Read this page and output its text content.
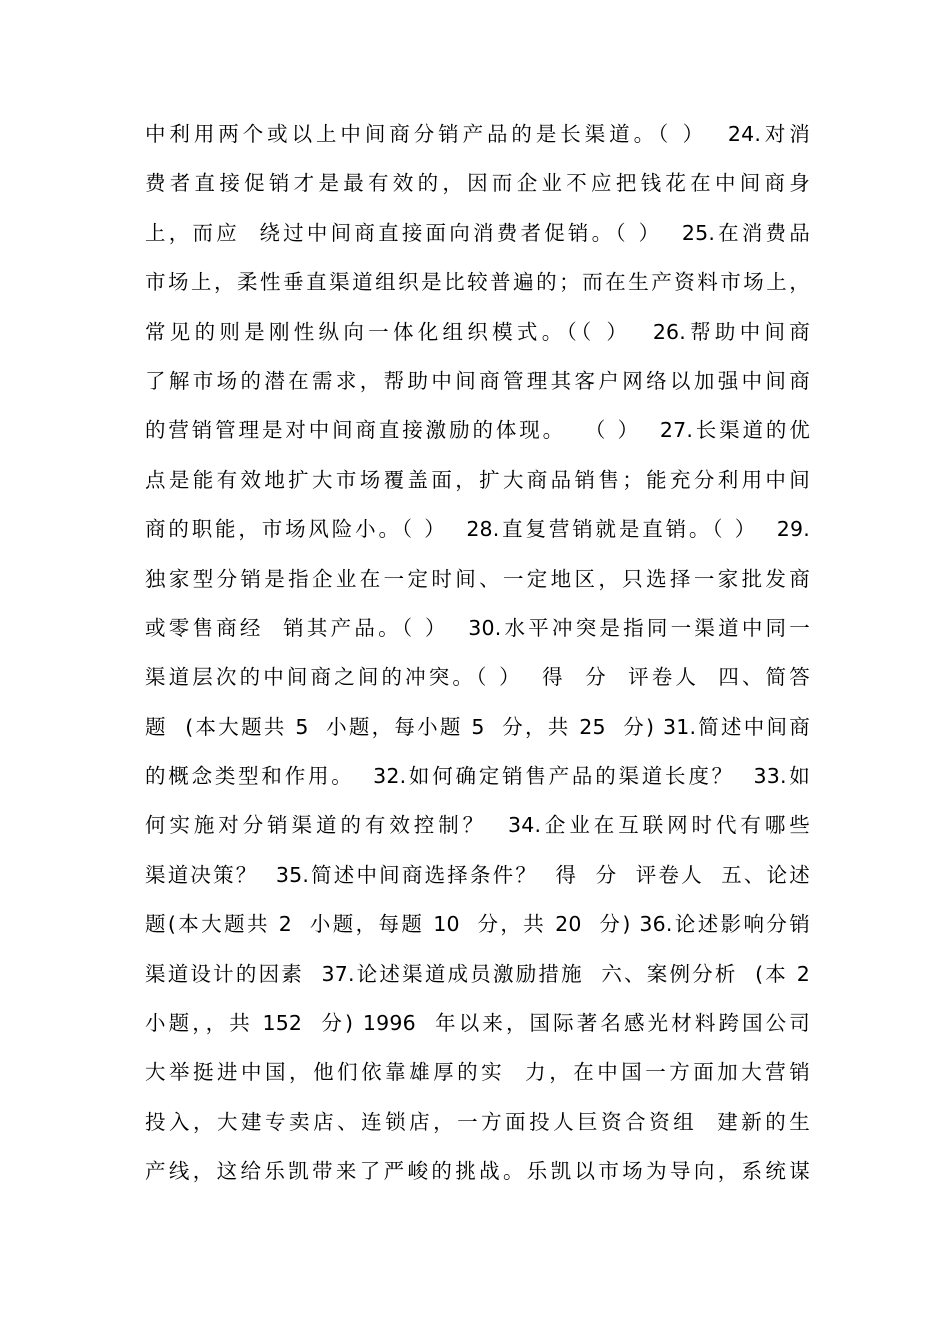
中利用两个或以上中间商分销产品的是长渠道。（ ）  24.对消
费者直接促销才是最有效的，因而企业不应把钱花在中间商身
上，而应  绕过中间商直接面向消费者促销。（ ）  25.在消费品
市场上，柔性垂直渠道组织是比较普遍的；而在生产资料市场上，
常见的则是刚性纵向一体化组织模式。（（ ）  26.帮助中间商
了解市场的潜在需求，帮助中间商管理其客户网络以加强中间商
的营销管理是对中间商直接激励的体现。  （ ）  27.长渠道的优
点是能有效地扩大市场覆盖面，扩大商品销售；能充分利用中间
商的职能，市场风险小。（ ）  28.直复营销就是直销。（ ）  29.
独家型分销是指企业在一定时间、一定地区，只选择一家批发商
或零售商经  销其产品。（ ）  30.水平冲突是指同一渠道中同一
渠道层次的中间商之间的冲突。（ ）  得  分  评卷人  四、简答
题  (本大题共 5  小题，每小题 5  分，共 25  分) 31.简述中间商
的概念类型和作用。  32.如何确定销售产品的渠道长度？  33.如
何实施对分销渠道的有效控制？  34.企业在互联网时代有哪些
渠道决策？  35.简述中间商选择条件？  得  分  评卷人  五、论述
题(本大题共 2  小题，每题 10  分，共 20  分) 36.论述影响分销
渠道设计的因素  37.论述渠道成员激励措施  六、案例分析  (本 2
小题，，共 152  分) 1996  年以来，国际著名感光材料跨国公司
大举挺进中国，他们依靠雄厚的实  力，在中国一方面加大营销
投入，大建专卖店、连锁店，一方面投人巨资合资组  建新的生
产线，这给乐凯带来了严峻的挑战。乐凯以市场为导向，系统谋
